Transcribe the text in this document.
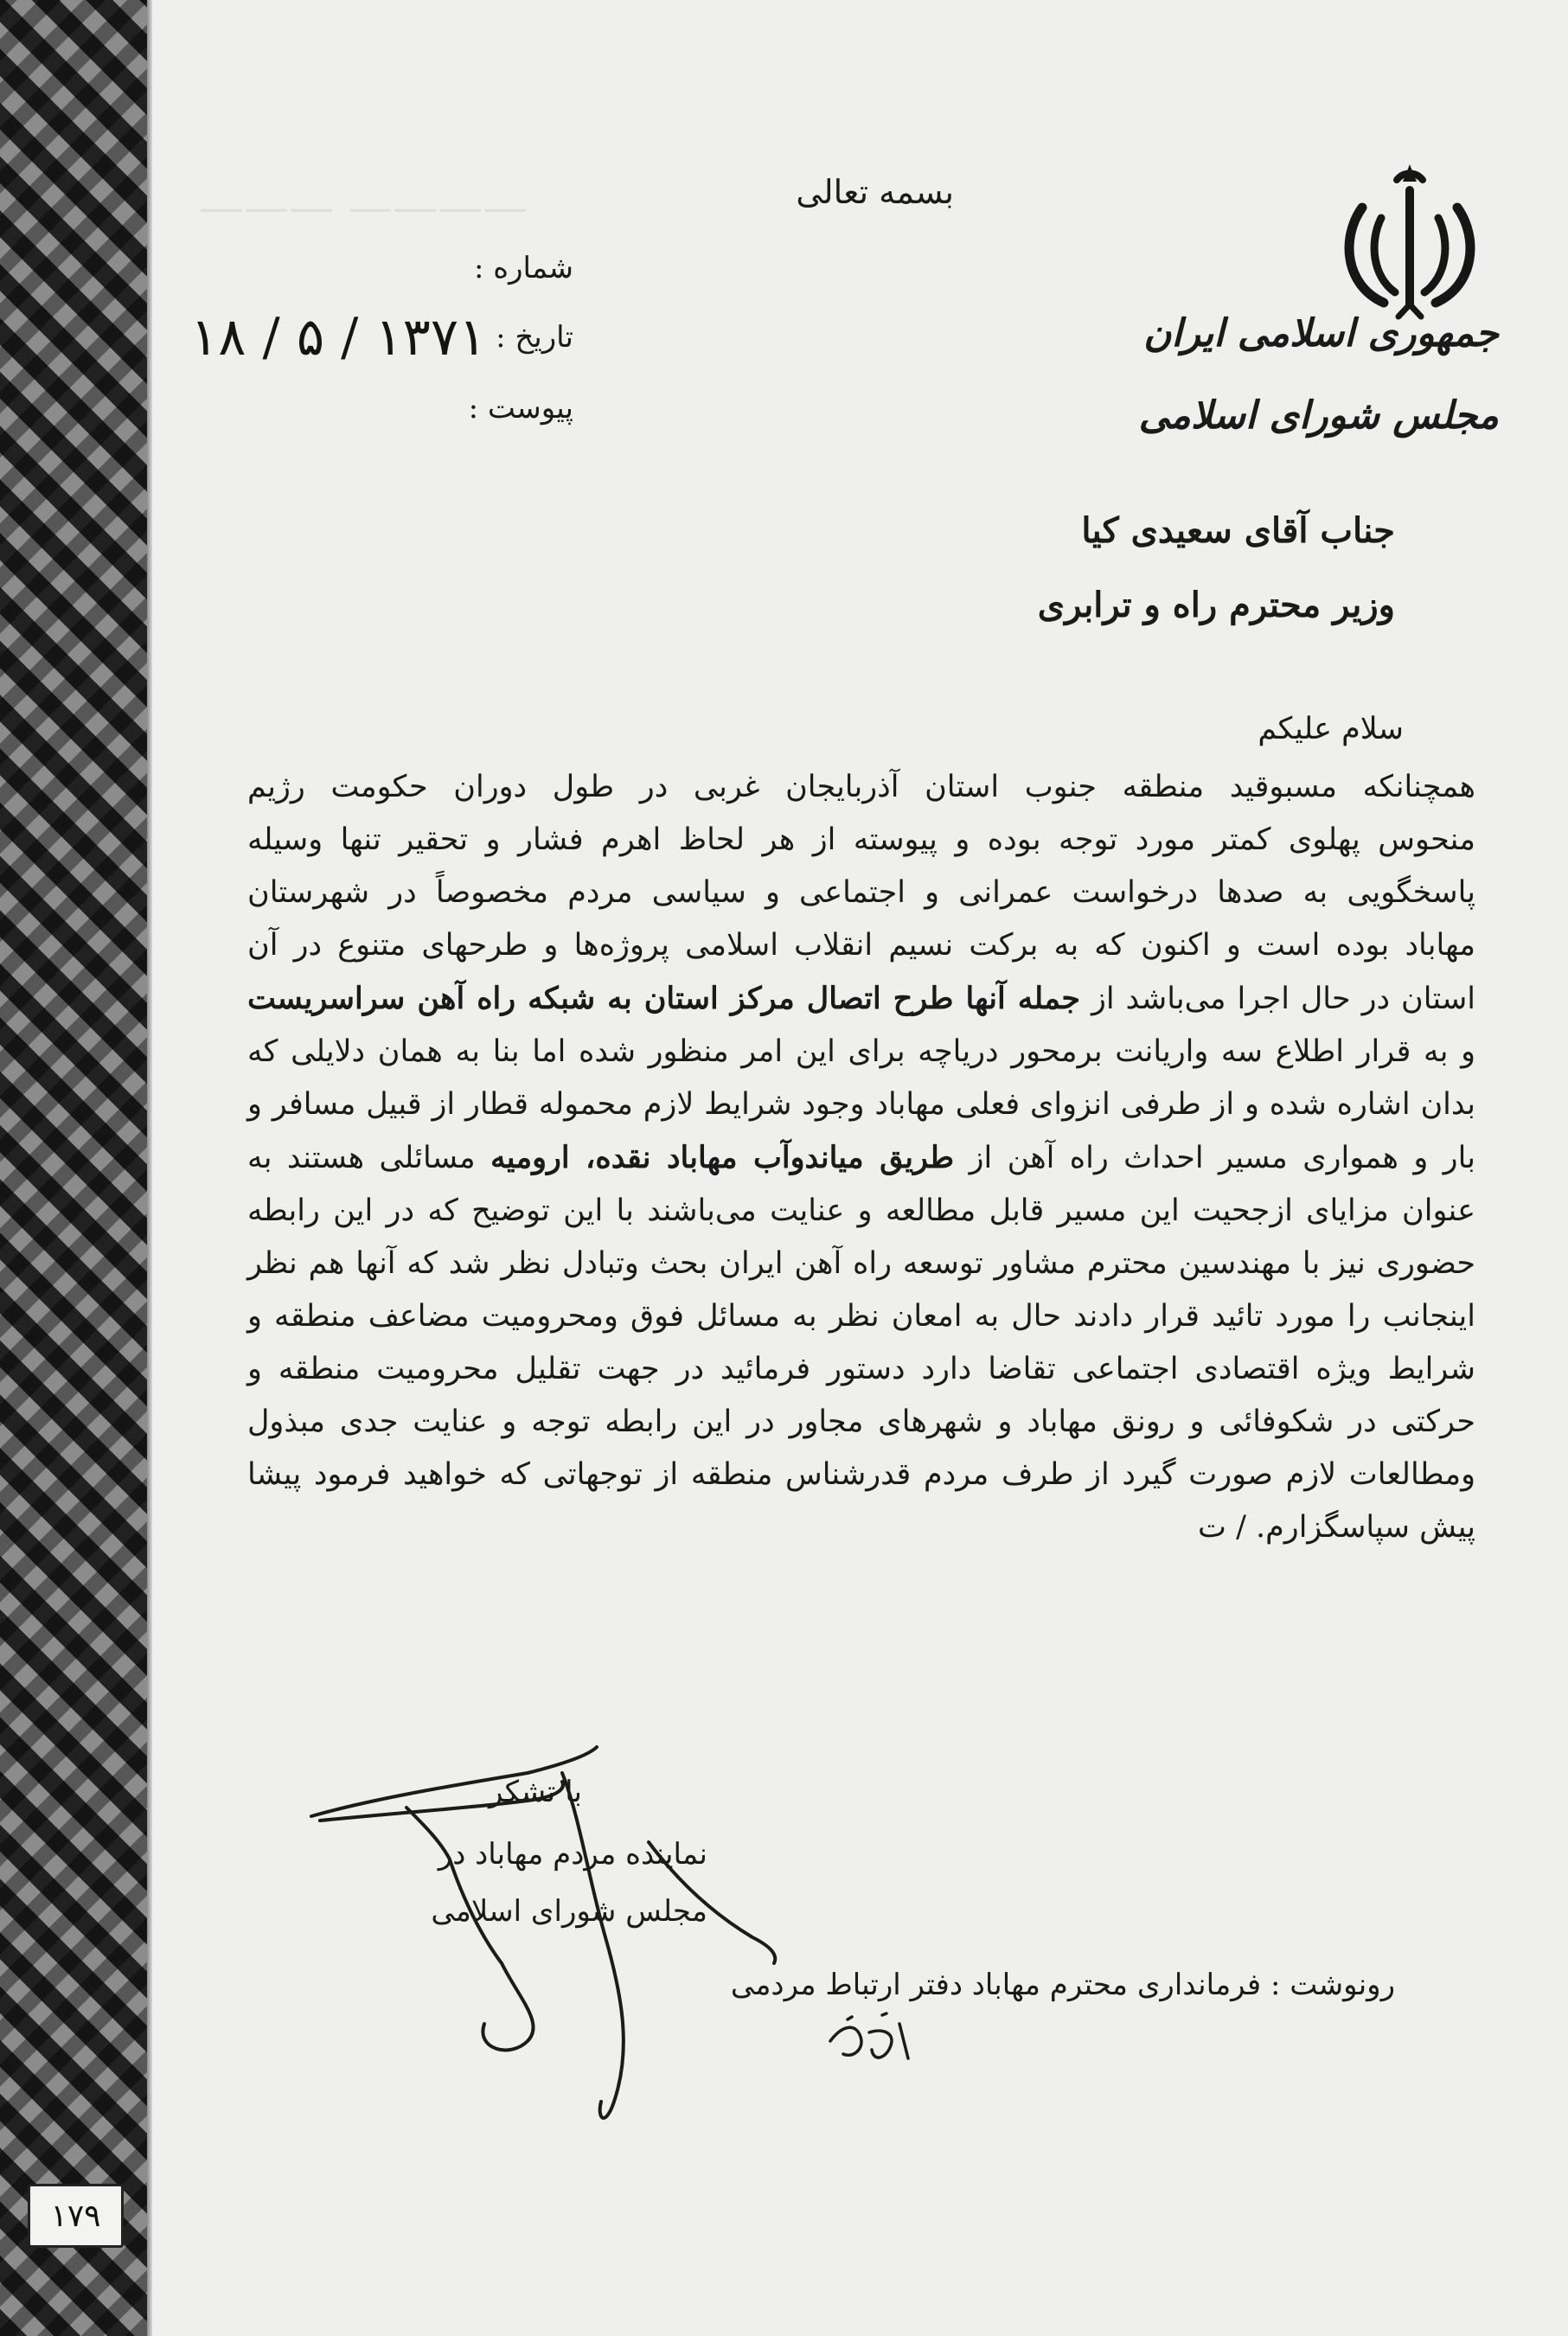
۱۷۹
———— ———
جمهوری اسلامی ایران
مجلس شورای اسلامی
بسمه تعالی
شماره :
تاریخ :
۱۸ / ۵ / ۱۳۷۱
پیوست :
جناب آقای سعیدی کیا
وزیر محترم راه و ترابری
سلام علیکم
همچنانکه مسبوقید منطقه جنوب استان آذربایجان غربی در طول دوران حکومت رژیم
منحوس پهلوی کمتر مورد توجه بوده و پیوسته از هر لحاظ اهرم فشار و تحقیر تنها وسیله
پاسخگویی به صدها درخواست عمرانی و اجتماعی و سیاسی مردم مخصوصاً در شهرستان
مهاباد بوده است و اکنون که به برکت نسیم انقلاب اسلامی پروژه‌ها و طرحهای متنوع در آن
استان در حال اجرا می‌باشد از جمله آنها طرح اتصال مرکز استان به شبکه راه آهن سراسریست
و به قرار اطلاع سه واریانت برمحور دریاچه برای این امر منظور شده اما بنا به همان دلایلی که
بدان اشاره شده و از طرفی انزوای فعلی مهاباد وجود شرایط لازم محموله قطار از قبیل مسافر و
بار و هموارى مسیر احداث راه آهن از طریق میاندوآب مهاباد نقده، ارومیه مسائلی هستند به
عنوان مزایای ازجحیت این مسیر قابل مطالعه و عنایت می‌باشند با این توضیح که در این رابطه
حضوری نیز با مهندسین محترم مشاور توسعه راه آهن ایران بحث وتبادل نظر شد که آنها هم نظر
اینجانب را مورد تائید قرار دادند حال به امعان نظر به مسائل فوق ومحرومیت مضاعف منطقه و
شرایط ویژه اقتصادی اجتماعی تقاضا دارد دستور فرمائید در جهت تقلیل محرومیت منطقه و
حرکتی در شکوفائی و رونق مهاباد و شهرهای مجاور در این رابطه توجه و عنایت جدی مبذول
ومطالعات لازم صورت گیرد از طرف مردم قدرشناس منطقه از توجهاتی که خواهید فرمود پیشا
پیش سپاسگزارم. / ت
با تشکر
نماینده مردم مهاباد در
مجلس شورای اسلامی
رونوشت : فرمانداری محترم مهاباد دفتر ارتباط مردمی
